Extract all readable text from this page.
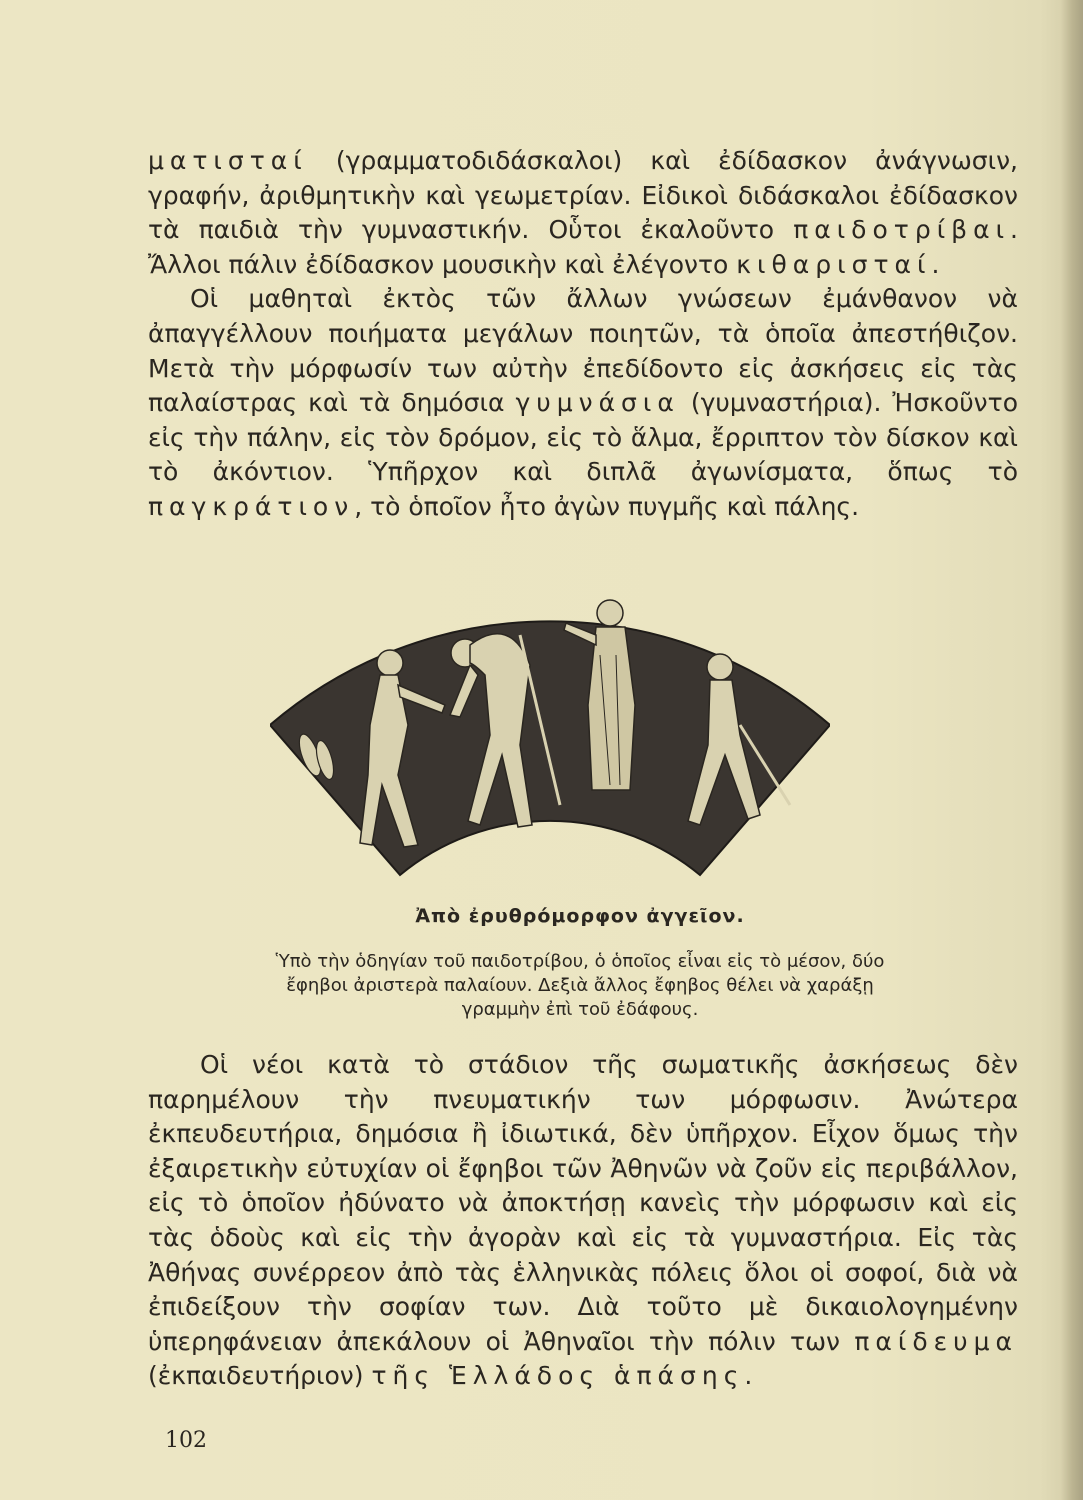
ματισταί (γραμματοδιδάσκαλοι) καὶ ἐδίδασκον ἀνάγνωσιν, γραφήν, ἀριθμητικὴν καὶ γεωμετρίαν. Εἰδικοὶ διδάσκαλοι ἐδίδασκον τὰ παιδιὰ τὴν γυμναστικήν. Οὗτοι ἐκαλοῦντο παιδοτρίβαι. Ἄλλοι πάλιν ἐδίδασκον μουσικὴν καὶ ἐλέγοντο κιθαρισταί.
Οἱ μαθηταὶ ἐκτὸς τῶν ἄλλων γνώσεων ἐμάνθανον νὰ ἀπαγγέλλουν ποιήματα μεγάλων ποιητῶν, τὰ ὁποῖα ἀπεστήθιζον. Μετὰ τὴν μόρφωσίν των αὐτὴν ἐπεδίδοντο εἰς ἀσκήσεις εἰς τὰς παλαίστρας καὶ τὰ δημόσια γυμνάσια (γυμναστήρια). Ἠσκοῦντο εἰς τὴν πάλην, εἰς τὸν δρόμον, εἰς τὸ ἅλμα, ἔρριπτον τὸν δίσκον καὶ τὸ ἀκόντιον. Ὑπῆρχον καὶ διπλᾶ ἀγωνίσματα, ὅπως τὸ παγκράτιον, τὸ ὁποῖον ἦτο ἀγὼν πυγμῆς καὶ πάλης.

Ἀπὸ ἐρυθρόμορφον ἀγγεῖον.

Ὑπὸ τὴν ὁδηγίαν τοῦ παιδοτρίβου, ὁ ὁποῖος εἶναι εἰς τὸ μέσον, δύο ἔφηβοι ἀριστερὰ παλαίουν. Δεξιὰ ἄλλος ἔφηβος θέλει νὰ χαράξῃ γραμμὴν ἐπὶ τοῦ ἐδάφους.

Οἱ νέοι κατὰ τὸ στάδιον τῆς σωματικῆς ἀσκήσεως δὲν παρημέλουν τὴν πνευματικήν των μόρφωσιν. Ἀνώτερα ἐκπευδευτήρια, δημόσια ἢ ἰδιωτικά, δὲν ὑπῆρχον. Εἶχον ὅμως τὴν ἐξαιρετικὴν εὐτυχίαν οἱ ἔφηβοι τῶν Ἀθηνῶν νὰ ζοῦν εἰς περιβάλλον, εἰς τὸ ὁποῖον ἠδύνατο νὰ ἀποκτήσῃ κανεὶς τὴν μόρφωσιν καὶ εἰς τὰς ὁδοὺς καὶ εἰς τὴν ἀγορὰν καὶ εἰς τὰ γυμναστήρια. Εἰς τὰς Ἀθήνας συνέρρεον ἀπὸ τὰς ἑλληνικὰς πόλεις ὅλοι οἱ σοφοί, διὰ νὰ ἐπιδείξουν τὴν σοφίαν των. Διὰ τοῦτο μὲ δικαιολογημένην ὑπερηφάνειαν ἀπεκάλουν οἱ Ἀθηναῖοι τὴν πόλιν των παίδευμα (ἐκπαιδευτήριον) τῆς Ἑλλάδος ἁπάσης.

102
